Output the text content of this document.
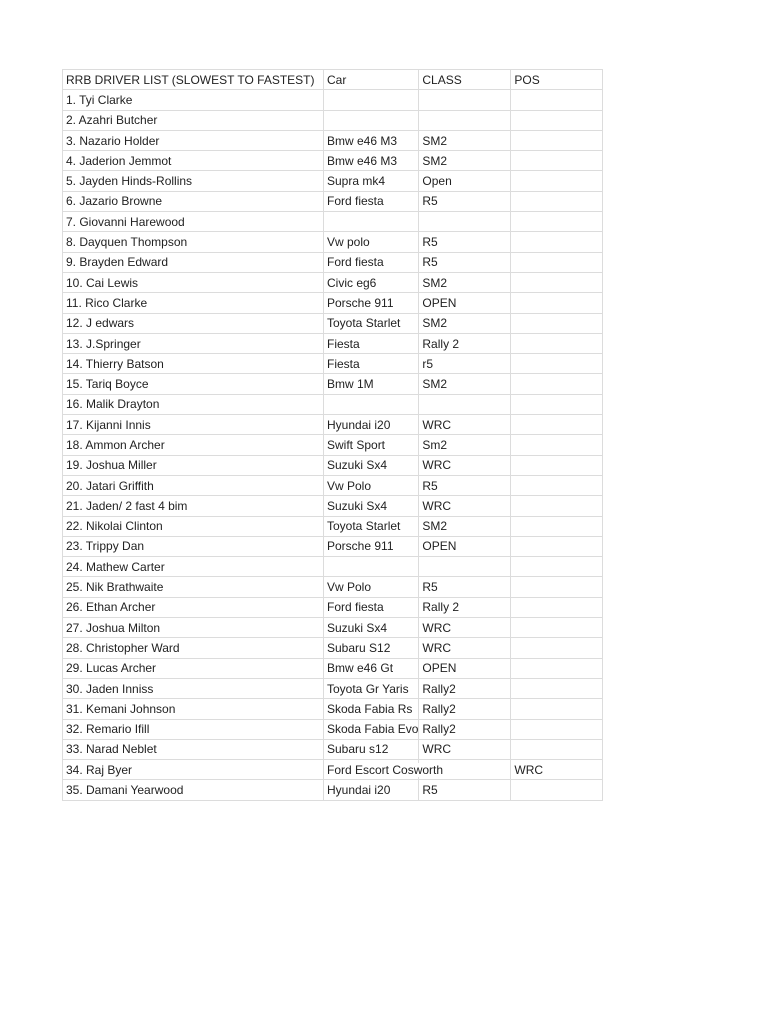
RRB DRIVER LIST (SLOWEST TO FASTEST)	Car	CLASS	POS
1. Tyi Clarke			
2. Azahri Butcher			
3. Nazario Holder	Bmw e46 M3	SM2	
4. Jaderion Jemmot	Bmw e46 M3	SM2	
5. Jayden Hinds-Rollins	Supra mk4	Open	
6. Jazario Browne	Ford fiesta	R5	
7. Giovanni Harewood			
8. Dayquen Thompson	Vw polo	R5	
9. Brayden Edward	Ford fiesta	R5	
10. Cai Lewis	Civic eg6	SM2	
11. Rico Clarke	Porsche 911	OPEN	
12. J edwars	Toyota Starlet	SM2	
13. J.Springer	Fiesta	Rally 2	
14. Thierry Batson	Fiesta	r5	
15. Tariq Boyce	Bmw 1M	SM2	
16. Malik Drayton			
17. Kijanni Innis	Hyundai i20	WRC	
18. Ammon Archer	Swift Sport	Sm2	
19. Joshua Miller	Suzuki Sx4	WRC	
20. Jatari Griffith	Vw Polo	R5	
21. Jaden/ 2 fast 4 bim	Suzuki Sx4	WRC	
22. Nikolai Clinton	Toyota Starlet	SM2	
23. Trippy Dan	Porsche 911	OPEN	
24. Mathew Carter			
25. Nik Brathwaite	Vw Polo	R5	
26. Ethan Archer	Ford fiesta	Rally 2	
27. Joshua Milton	Suzuki Sx4	WRC	
28. Christopher Ward	Subaru S12	WRC	
29. Lucas Archer	Bmw e46 Gt	OPEN	
30. Jaden Inniss	Toyota Gr Yaris	Rally2	
31. Kemani Johnson	Skoda Fabia Rs	Rally2	
32. Remario Ifill	Skoda Fabia Evo	Rally2	
33. Narad Neblet	Subaru s12	WRC	
34. Raj Byer	Ford Escort Cosworth		WRC
35. Damani Yearwood	Hyundai i20	R5	
